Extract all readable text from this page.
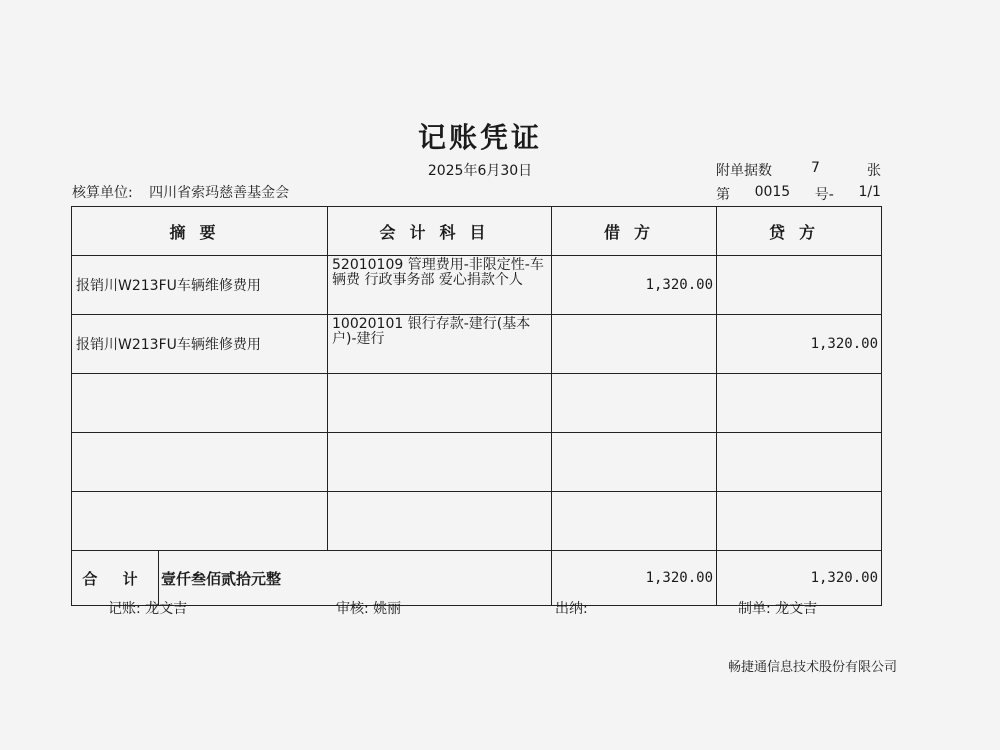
记账凭证
2025年6月30日	附单据数	7	张
核算单位: 四川省索玛慈善基金会	第 0015 号- 1/1
摘要		会计科目	借方	贷方
报销川W213FU车辆维修费用		52010109 管理费用-非限定性-车辆费 行政事务部 爱心捐款个人	1,320.00	
报销川W213FU车辆维修费用		10020101 银行存款-建行(基本户)-建行		1,320.00

合 计	壹仟叁佰贰拾元整		1,320.00	1,320.00
记账: 龙文吉	审核: 姚丽	出纳:	制单: 龙文吉
畅捷通信息技术股份有限公司
